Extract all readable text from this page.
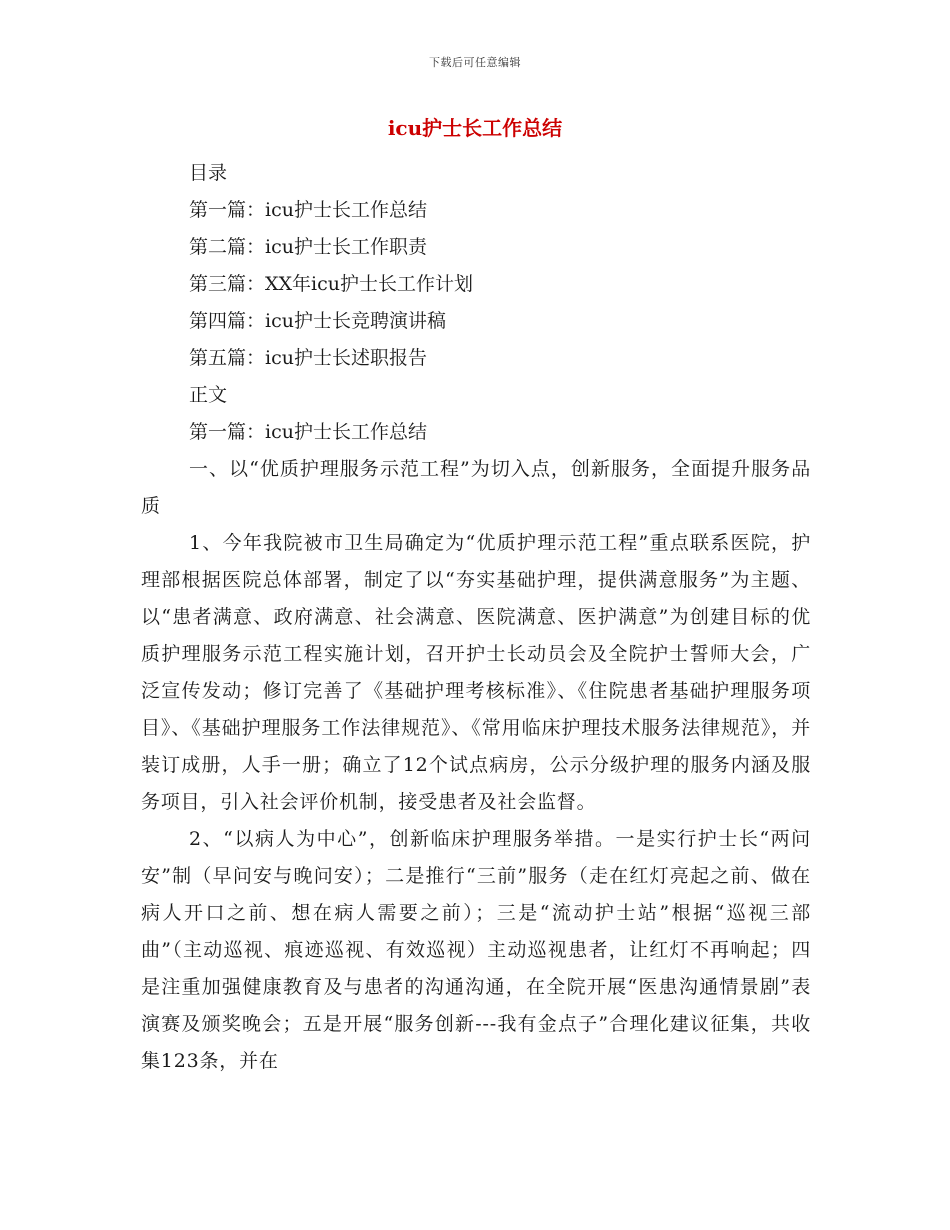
下载后可任意编辑
icu护士长工作总结
目录
第一篇：icu护士长工作总结
第二篇：icu护士长工作职责
第三篇：XX年icu护士长工作计划
第四篇：icu护士长竞聘演讲稿
第五篇：icu护士长述职报告
正文
第一篇：icu护士长工作总结
一、以“优质护理服务示范工程”为切入点，创新服务，全面提升服务品质
1、今年我院被市卫生局确定为“优质护理示范工程”重点联系医院，护理部根据医院总体部署，制定了以“夯实基础护理，提供满意服务”为主题、以“患者满意、政府满意、社会满意、医院满意、医护满意”为创建目标的优质护理服务示范工程实施计划，召开护士长动员会及全院护士誓师大会，广泛宣传发动；修订完善了《基础护理考核标准》、《住院患者基础护理服务项目》、《基础护理服务工作法律规范》、《常用临床护理技术服务法律规范》，并装订成册，人手一册；确立了12个试点病房，公示分级护理的服务内涵及服务项目，引入社会评价机制，接受患者及社会监督。
2、“以病人为中心”，创新临床护理服务举措。一是实行护士长“两问安”制（早问安与晚问安）；二是推行“三前”服务（走在红灯亮起之前、做在病人开口之前、想在病人需要之前）；三是“流动护士站”根据“巡视三部曲”（主动巡视、痕迹巡视、有效巡视）主动巡视患者，让红灯不再响起；四是注重加强健康教育及与患者的沟通沟通，在全院开展“医患沟通情景剧”表演赛及颁奖晚会；五是开展“服务创新---我有金点子”合理化建议征集，共收集123条，并在
